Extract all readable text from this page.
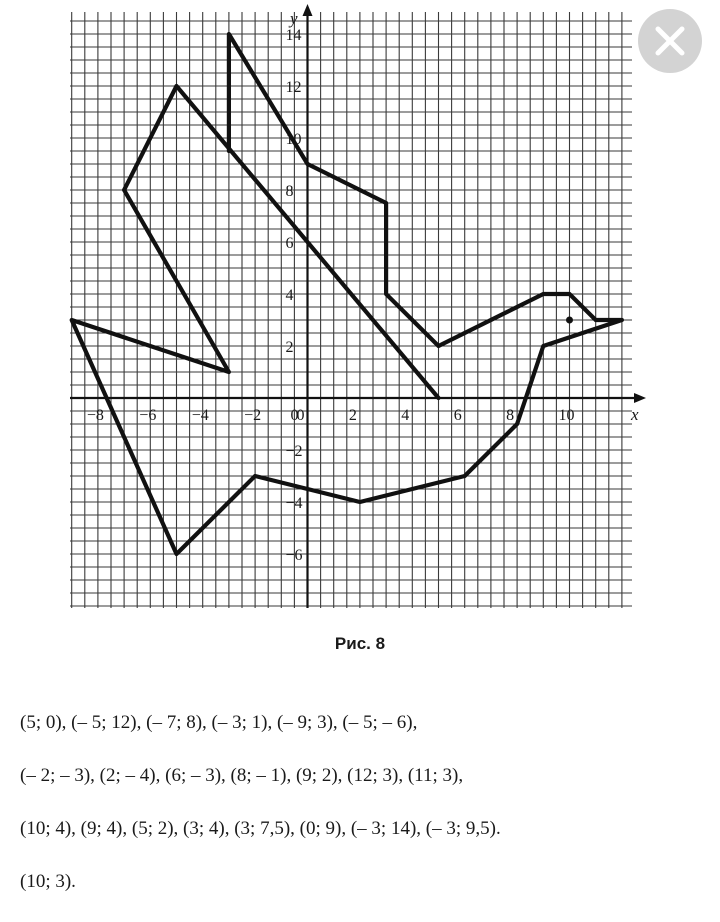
−8 −6 −4 −2 0	2	4	6	8	10
0
−6
−4
−2
2
4
6
8
10
12
14
x
y
Рис. 8

(5; 0), (– 5; 12), (– 7; 8), (– 3; 1), (– 9; 3), (– 5; – 6),

(– 2; – 3), (2; – 4), (6; – 3), (8; – 1), (9; 2), (12; 3), (11; 3),

(10; 4), (9; 4), (5; 2), (3; 4), (3; 7,5), (0; 9), (– 3; 14), (– 3; 9,5).

(10; 3).
